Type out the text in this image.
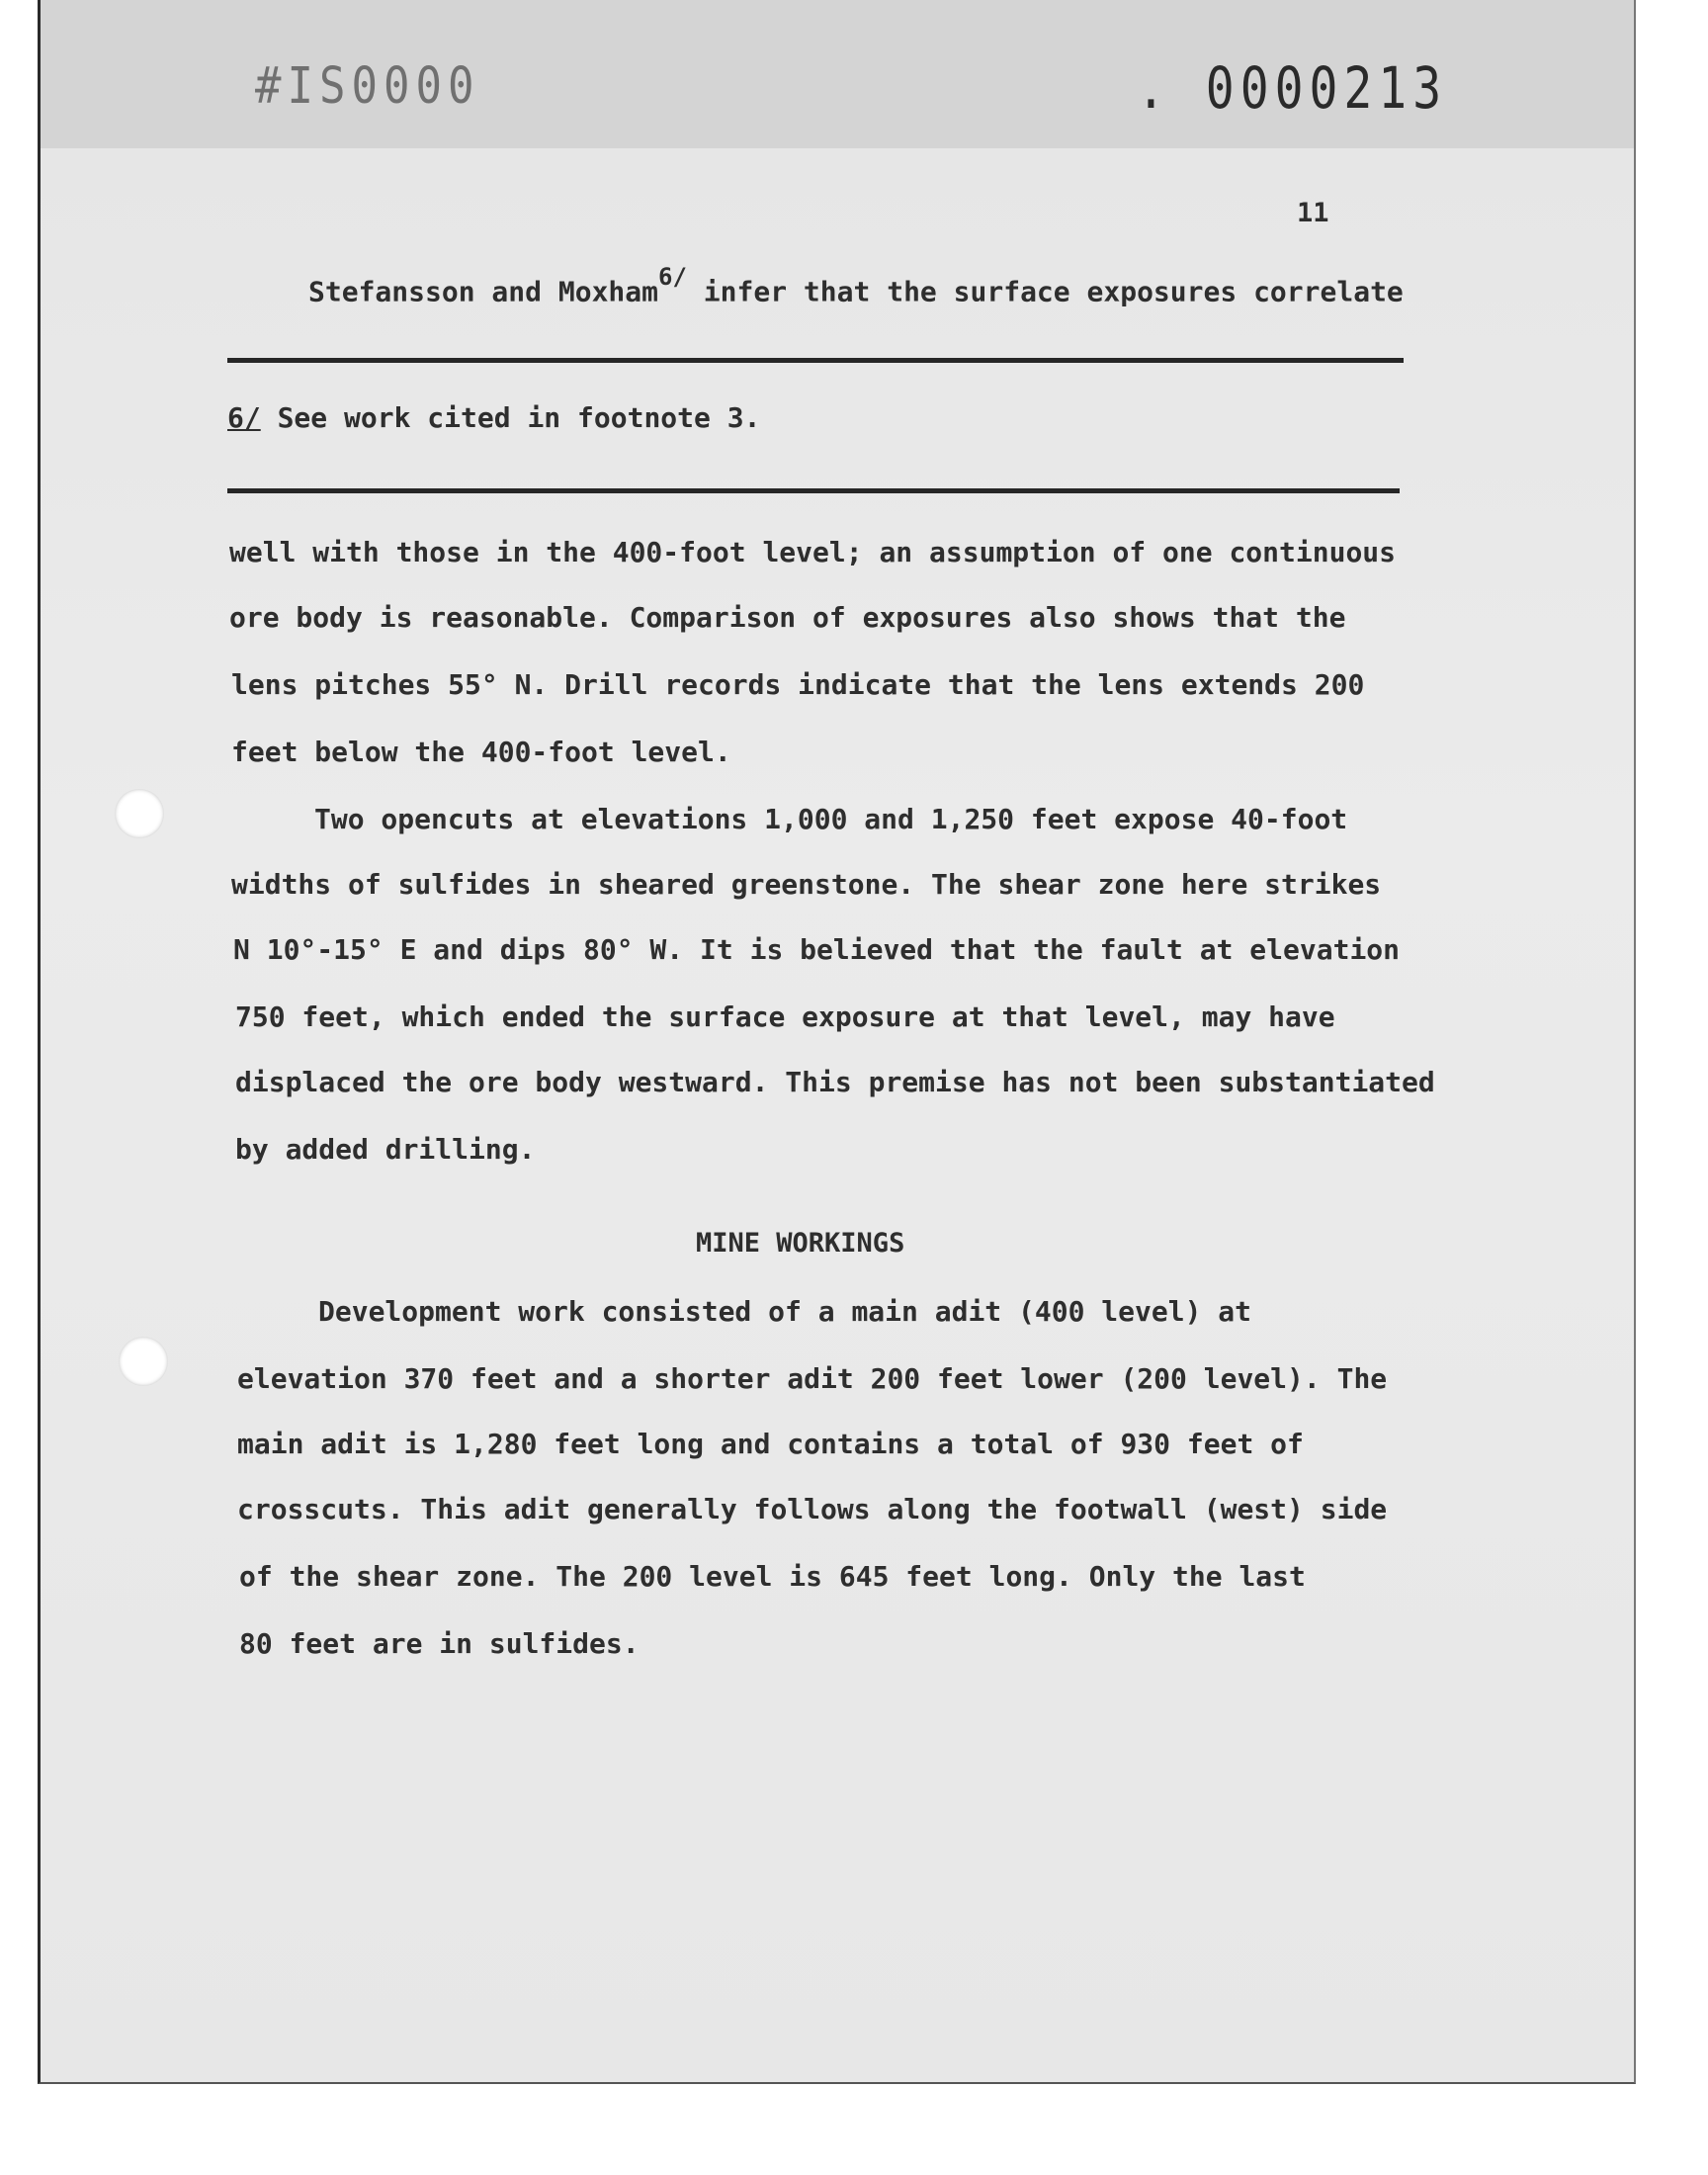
#IS0000	. 0000213
11
Stefansson and Moxham$^{6/}$ infer that the surface exposures correlate
6/ See work cited in footnote 3.
well with those in the 400-foot level; an assumption of one continuous
ore body is reasonable. Comparison of exposures also shows that the
lens pitches 55° N. Drill records indicate that the lens extends 200
feet below the 400-foot level.
Two opencuts at elevations 1,000 and 1,250 feet expose 40-foot
widths of sulfides in sheared greenstone. The shear zone here strikes
N 10°-15° E and dips 80° W. It is believed that the fault at elevation
750 feet, which ended the surface exposure at that level, may have
displaced the ore body westward. This premise has not been substantiated
by added drilling.
MINE WORKINGS
Development work consisted of a main adit (400 level) at
elevation 370 feet and a shorter adit 200 feet lower (200 level). The
main adit is 1,280 feet long and contains a total of 930 feet of
crosscuts. This adit generally follows along the footwall (west) side
of the shear zone. The 200 level is 645 feet long. Only the last
80 feet are in sulfides.
